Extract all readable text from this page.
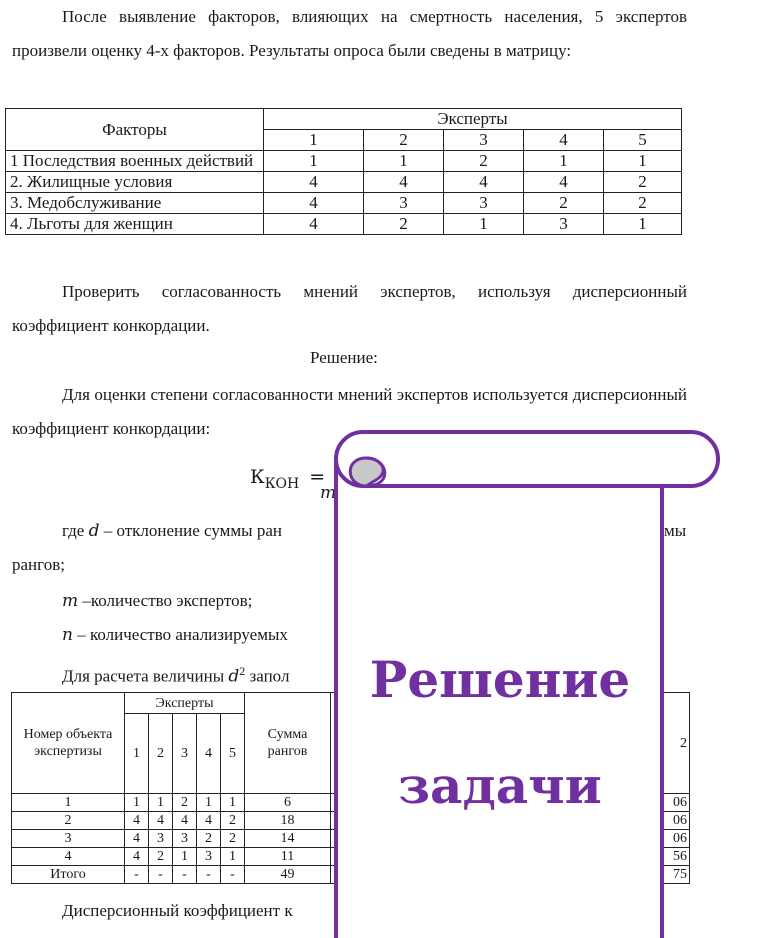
После выявление факторов, влияющих на смертность населения, 5 экспертов произвели оценку 4-х факторов. Результаты опроса были сведены в матрицу:
Факторы	Эксперты				
	1	2	3	4	5
1 Последствия военных действий	1	1	2	1	1
2. Жилищные условия	4	4	4	4	2
3. Медобслуживание	4	3	3	2	2
4. Льготы для женщин	4	2	1	3	1
Проверить согласованность мнений экспертов, используя дисперсионный коэффициент конкордации.
Решение:
Для оценки степени согласованности мнений экспертов используется дисперсионный коэффициент конкордации:
$К_{КОН}$ =
m
где d – отклонение суммы ран	мы
рангов;
m –количество экспертов;
n – количество анализируемых
Для расчета величины $d^2$ запол
Номер объекта экспертизы	Эксперты					Сумма рангов		2
	1	2	3	4	5			
1	1	1	2	1	1	6		06
2	4	4	4	4	2	18		06
3	4	3	3	2	2	14		06
4	4	2	1	3	1	11		56
Итого	-	-	-	-	-	49		75
Дисперсионный коэффициент к
Решение
задачи
